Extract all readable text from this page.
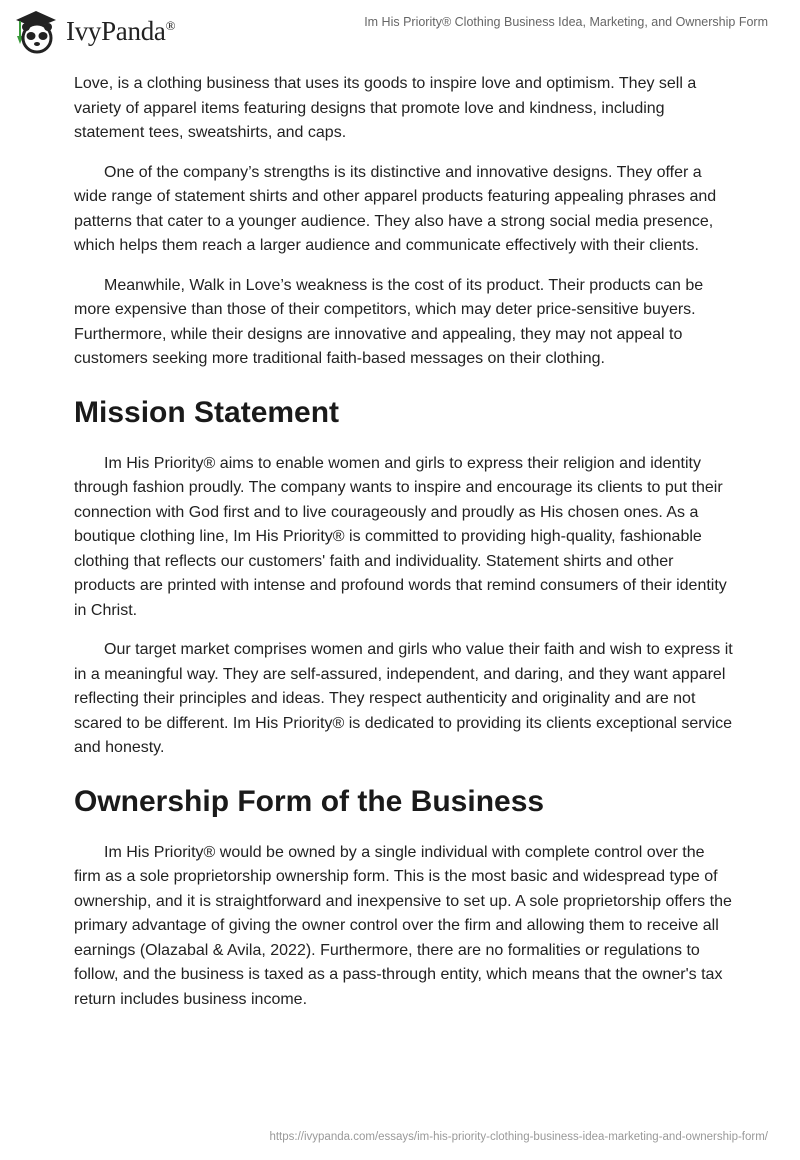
IvyPanda®	Im His Priority® Clothing Business Idea, Marketing, and Ownership Form

Love, is a clothing business that uses its goods to inspire love and optimism. They sell a variety of apparel items featuring designs that promote love and kindness, including statement tees, sweatshirts, and caps.

One of the company’s strengths is its distinctive and innovative designs. They offer a wide range of statement shirts and other apparel products featuring appealing phrases and patterns that cater to a younger audience. They also have a strong social media presence, which helps them reach a larger audience and communicate effectively with their clients.

Meanwhile, Walk in Love’s weakness is the cost of its product. Their products can be more expensive than those of their competitors, which may deter price-sensitive buyers. Furthermore, while their designs are innovative and appealing, they may not appeal to customers seeking more traditional faith-based messages on their clothing.

Mission Statement

Im His Priority® aims to enable women and girls to express their religion and identity through fashion proudly. The company wants to inspire and encourage its clients to put their connection with God first and to live courageously and proudly as His chosen ones. As a boutique clothing line, Im His Priority® is committed to providing high-quality, fashionable clothing that reflects our customers' faith and individuality. Statement shirts and other products are printed with intense and profound words that remind consumers of their identity in Christ.

Our target market comprises women and girls who value their faith and wish to express it in a meaningful way. They are self-assured, independent, and daring, and they want apparel reflecting their principles and ideas. They respect authenticity and originality and are not scared to be different. Im His Priority® is dedicated to providing its clients exceptional service and honesty.

Ownership Form of the Business

Im His Priority® would be owned by a single individual with complete control over the firm as a sole proprietorship ownership form. This is the most basic and widespread type of ownership, and it is straightforward and inexpensive to set up. A sole proprietorship offers the primary advantage of giving the owner control over the firm and allowing them to receive all earnings (Olazabal & Avila, 2022). Furthermore, there are no formalities or regulations to follow, and the business is taxed as a pass-through entity, which means that the owner's tax return includes business income.

https://ivypanda.com/essays/im-his-priority-clothing-business-idea-marketing-and-ownership-form/
